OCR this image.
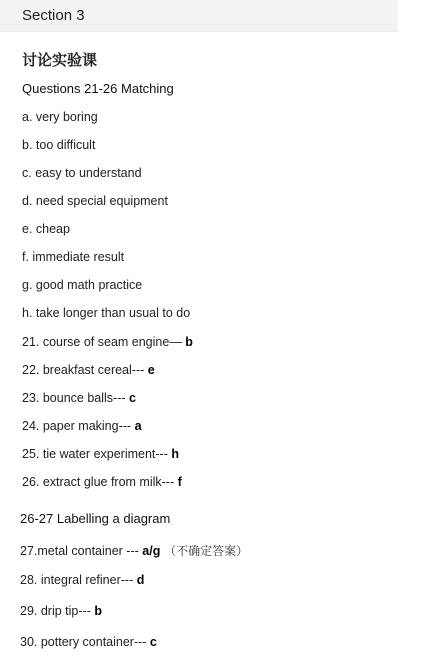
Section 3
讨论实验课
Questions 21-26 Matching
a. very boring
b. too difficult
c. easy to understand
d. need special equipment
e. cheap
f. immediate result
g. good math practice
h. take longer than usual to do
21. course of seam engine— b
22. breakfast cereal--- e
23. bounce balls--- c
24. paper making--- a
25. tie water experiment--- h
26. extract glue from milk--- f
26-27 Labelling a diagram
27.metal container --- a/g （不确定答案）
28. integral refiner--- d
29. drip tip--- b
30. pottery container--- c
